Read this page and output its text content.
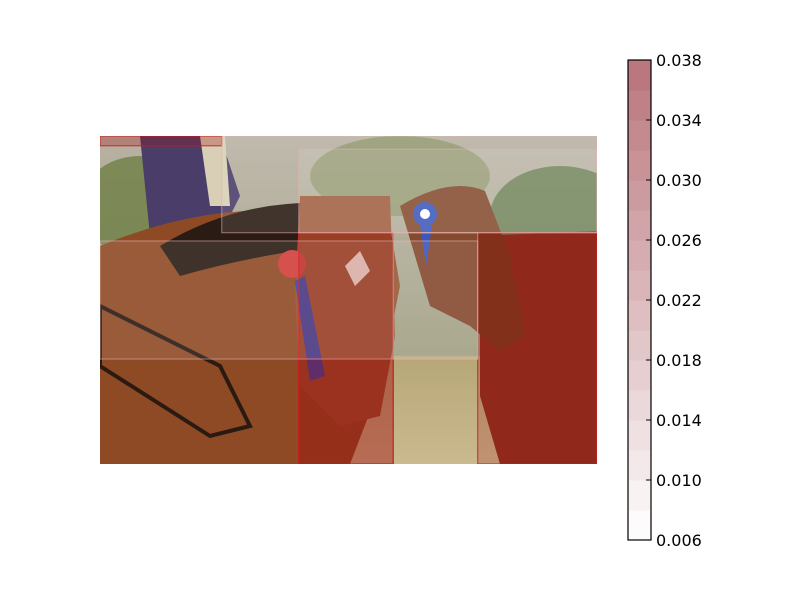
0.006
0.010
0.014
0.018
0.022
0.026
0.030
0.034
0.038
